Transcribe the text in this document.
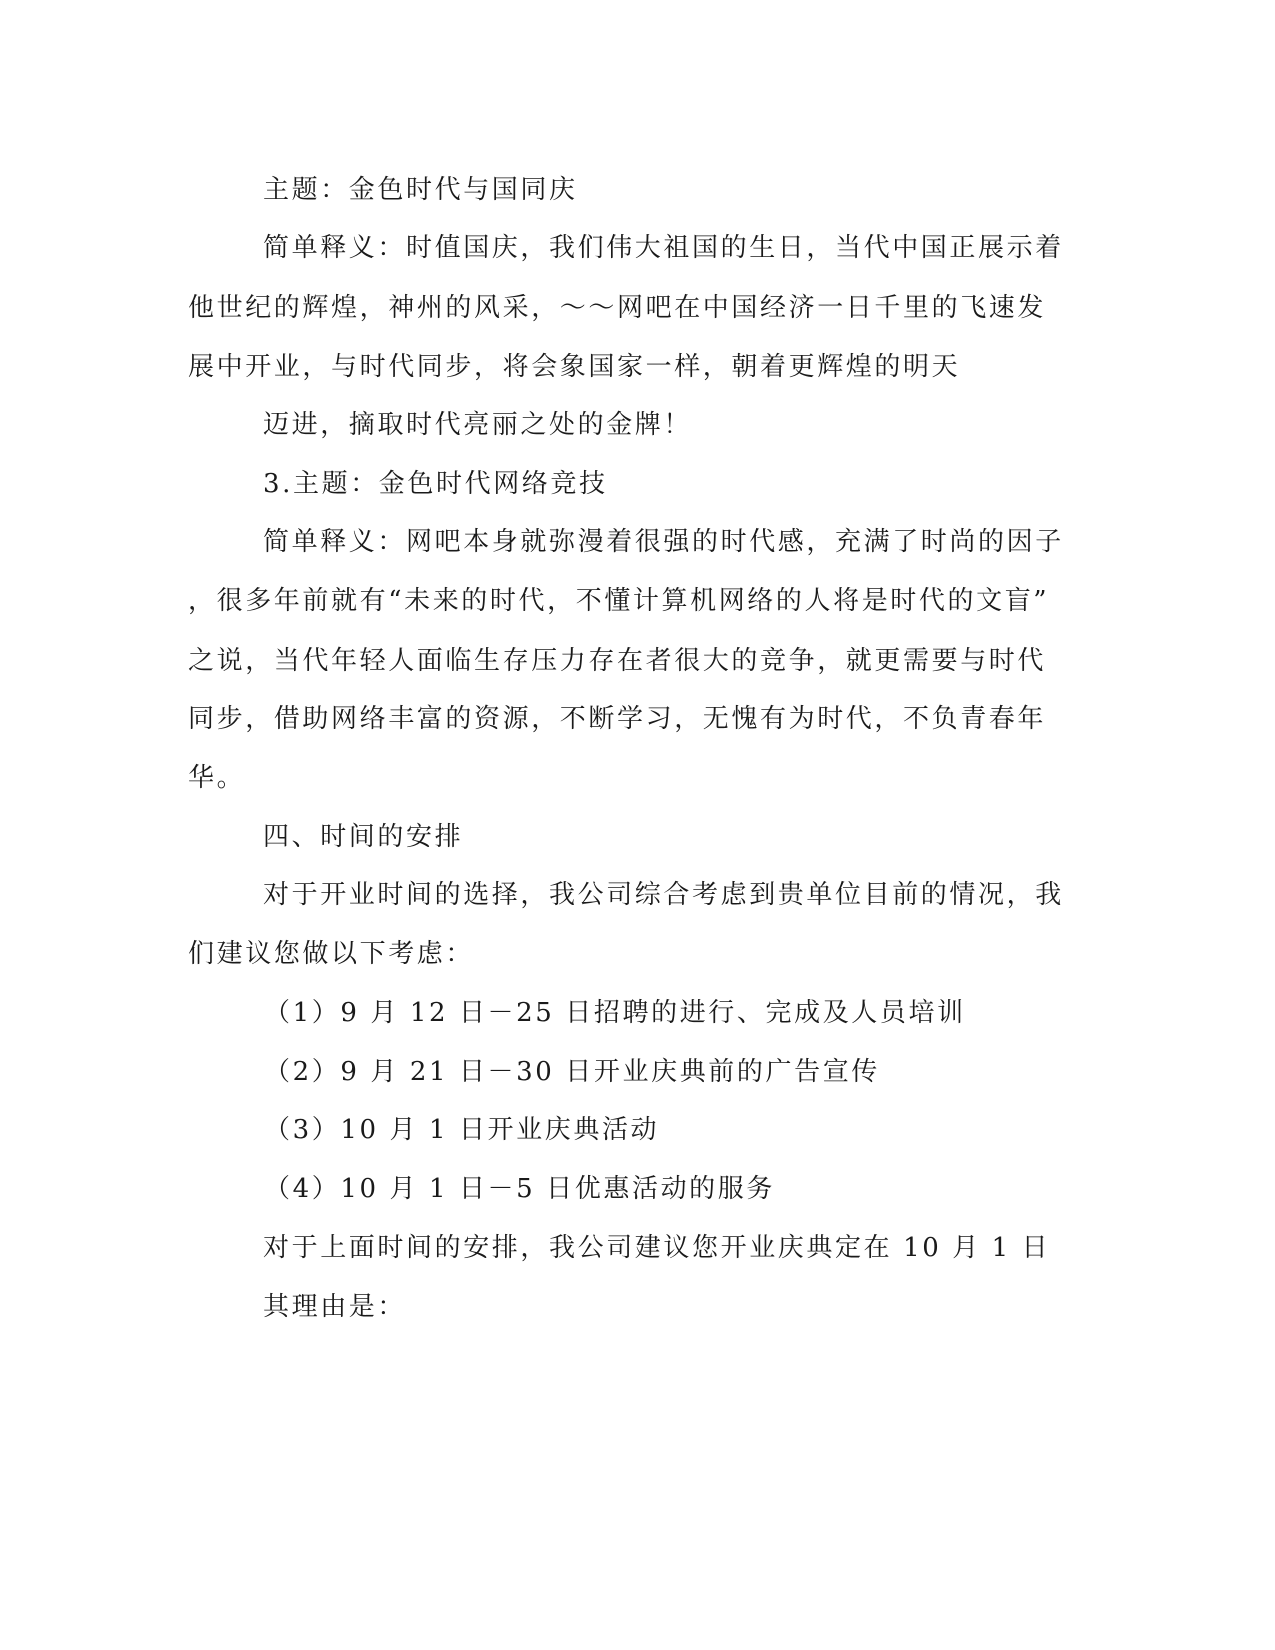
主题：金色时代与国同庆
简单释义：时值国庆，我们伟大祖国的生日，当代中国正展示着
他世纪的辉煌，神州的风采，～～网吧在中国经济一日千里的飞速发
展中开业，与时代同步，将会象国家一样，朝着更辉煌的明天
迈进，摘取时代亮丽之处的金牌！
3.主题：金色时代网络竞技
简单释义：网吧本身就弥漫着很强的时代感，充满了时尚的因子
，很多年前就有“未来的时代，不懂计算机网络的人将是时代的文盲”
之说，当代年轻人面临生存压力存在者很大的竞争，就更需要与时代
同步，借助网络丰富的资源，不断学习，无愧有为时代，不负青春年
华。
四、时间的安排
对于开业时间的选择，我公司综合考虑到贵单位目前的情况，我
们建议您做以下考虑：
（1）9 月 12 日－25 日招聘的进行、完成及人员培训
（2）9 月 21 日－30 日开业庆典前的广告宣传
（3）10 月 1 日开业庆典活动
（4）10 月 1 日－5 日优惠活动的服务
对于上面时间的安排，我公司建议您开业庆典定在 10 月 1 日
其理由是：
